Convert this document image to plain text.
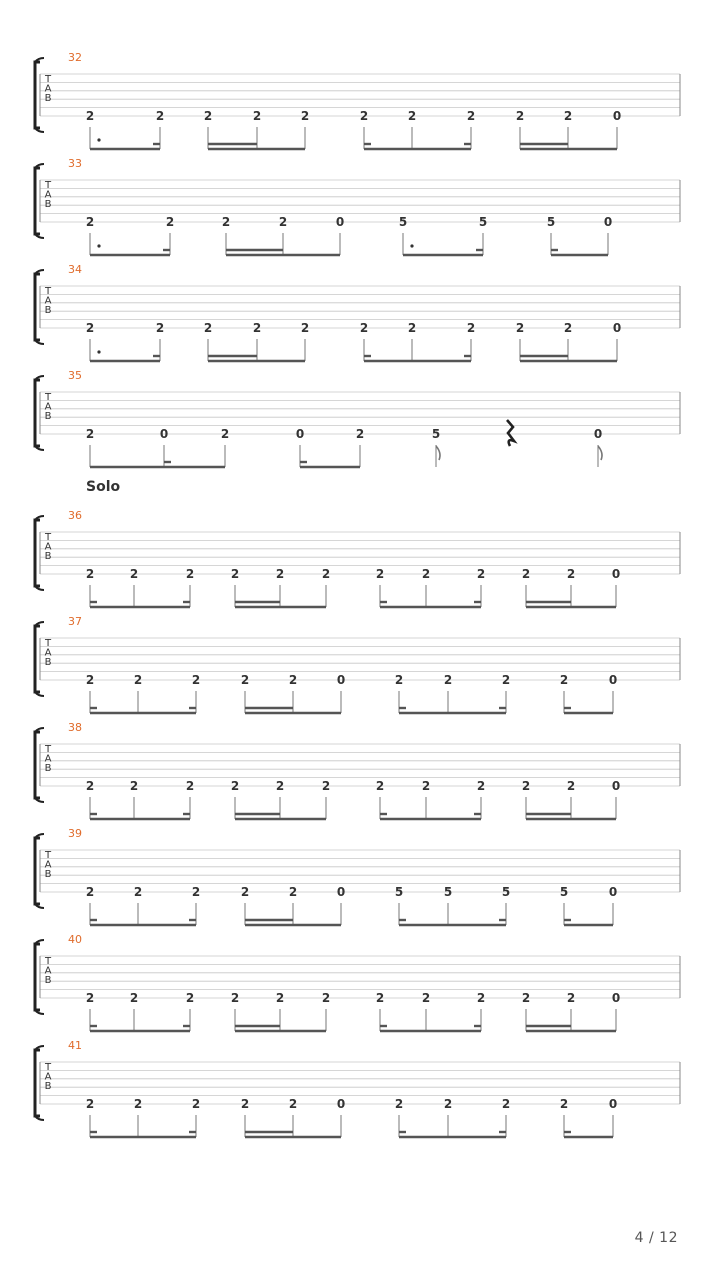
T
A
B
32
2	2	2	2	2	2	2	2	2	2	0
T
A
B
33
2	2	2	2	0	5	5	5	0
T
A
B
34
2	2	2	2	2	2	2	2	2	2	0
T
A
B
35
2	0	2	0	2	5	0
T
A
B
36
Solo
2	2	2	2	2	2	2	2	2	2	2	0
T
A
B
37
2	2	2	2	2	0	2	2	2	2	0
T
A
B
38
2	2	2	2	2	2	2	2	2	2	2	0
T
A
B
39
2	2	2	2	2	0	5	5	5	5	0
T
A
B
40
2	2	2	2	2	2	2	2	2	2	2	0
T
A
B
41
2	2	2	2	2	0	2	2	2	2	0
4 / 12
